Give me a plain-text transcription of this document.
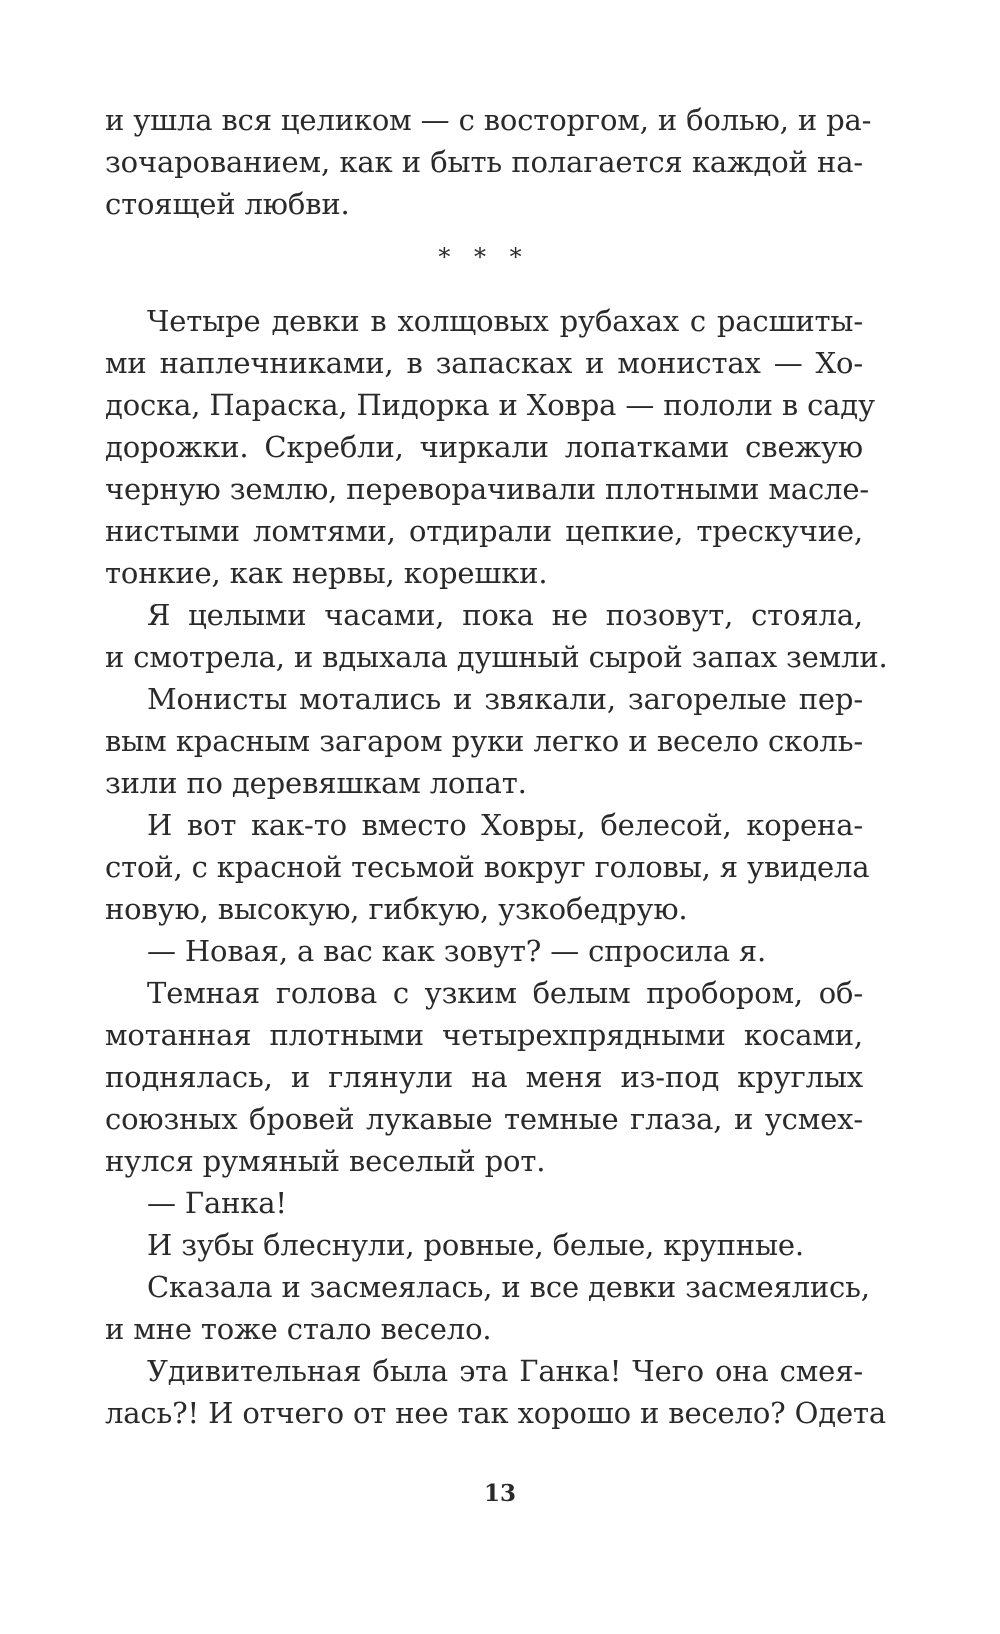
и ушла вся целиком — с восторгом, и болью, и ра-
зочарованием, как и быть полагается каждой на-
стоящей любви.
* * *
Четыре девки в холщовых рубахах с расшиты-
ми наплечниками, в запасках и монистах — Хо-
доска, Параска, Пидорка и Ховра — пололи в саду
дорожки. Скребли, чиркали лопатками свежую
черную землю, переворачивали плотными масле-
нистыми ломтями, отдирали цепкие, трескучие,
тонкие, как нервы, корешки.
Я целыми часами, пока не позовут, стояла,
и смотрела, и вдыхала душный сырой запах земли.
Монисты мотались и звякали, загорелые пер-
вым красным загаром руки легко и весело сколь-
зили по деревяшкам лопат.
И вот как-то вместо Ховры, белесой, корена-
стой, с красной тесьмой вокруг головы, я увидела
новую, высокую, гибкую, узкобедрую.
— Новая, а вас как зовут? — спросила я.
Темная голова с узким белым пробором, об-
мотанная плотными четырехпрядными косами,
поднялась, и глянули на меня из-под круглых
союзных бровей лукавые темные глаза, и усмех-
нулся румяный веселый рот.
— Ганка!
И зубы блеснули, ровные, белые, крупные.
Сказала и засмеялась, и все девки засмеялись,
и мне тоже стало весело.
Удивительная была эта Ганка! Чего она смея-
лась?! И отчего от нее так хорошо и весело? Одета
13
